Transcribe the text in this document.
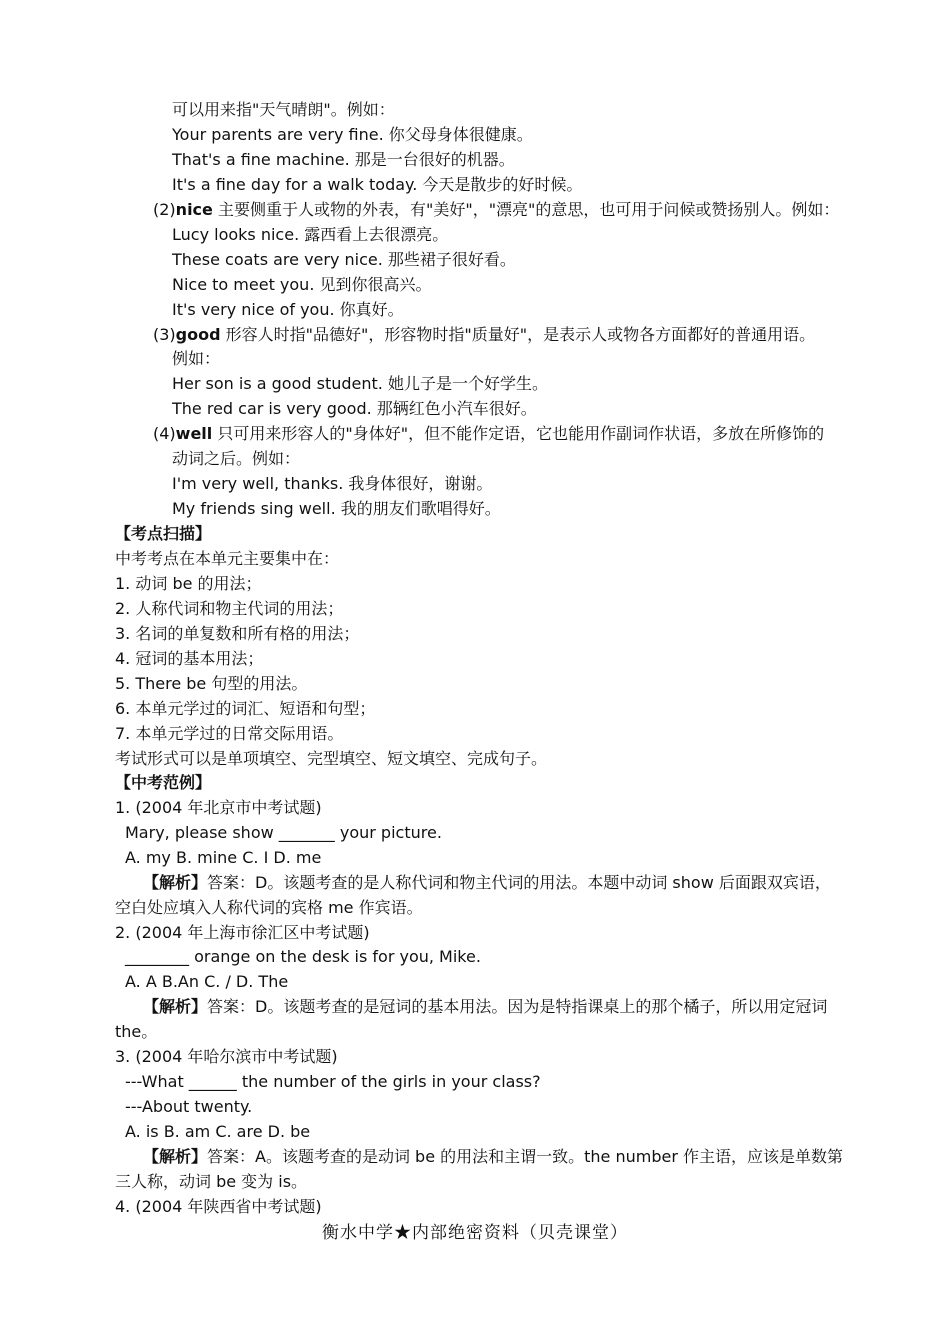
可以用来指"天气晴朗"。例如：
Your parents are very fine. 你父母身体很健康。
That's a fine machine. 那是一台很好的机器。
It's a fine day for a walk today. 今天是散步的好时候。
(2)nice 主要侧重于人或物的外表，有"美好"，"漂亮"的意思，也可用于问候或赞扬别人。例如：
Lucy looks nice. 露西看上去很漂亮。
These coats are very nice. 那些裙子很好看。
Nice to meet you. 见到你很高兴。
It's very nice of you. 你真好。
(3)good 形容人时指"品德好"，形容物时指"质量好"，是表示人或物各方面都好的普通用语。
例如：
Her son is a good student. 她儿子是一个好学生。
The red car is very good. 那辆红色小汽车很好。
(4)well 只可用来形容人的"身体好"，但不能作定语，它也能用作副词作状语，多放在所修饰的
动词之后。例如：
I'm very well, thanks. 我身体很好，谢谢。
My friends sing well. 我的朋友们歌唱得好。
【考点扫描】
中考考点在本单元主要集中在：
1. 动词 be 的用法；
2. 人称代词和物主代词的用法；
3. 名词的单复数和所有格的用法；
4. 冠词的基本用法；
5. There be 句型的用法。
6. 本单元学过的词汇、短语和句型；
7. 本单元学过的日常交际用语。
考试形式可以是单项填空、完型填空、短文填空、完成句子。
【中考范例】
1. (2004 年北京市中考试题)
Mary, please show _______ your picture.
A. my B. mine C. I D. me
【解析】答案：D。该题考查的是人称代词和物主代词的用法。本题中动词 show 后面跟双宾语，
空白处应填入人称代词的宾格 me 作宾语。
2. (2004 年上海市徐汇区中考试题)
________ orange on the desk is for you, Mike.
A. A B.An C. / D. The
【解析】答案：D。该题考查的是冠词的基本用法。因为是特指课桌上的那个橘子，所以用定冠词
the。
3. (2004 年哈尔滨市中考试题)
---What ______ the number of the girls in your class?
---About twenty.
A. is B. am C. are D. be
【解析】答案：A。该题考查的是动词 be 的用法和主谓一致。the number 作主语，应该是单数第
三人称，动词 be 变为 is。
4. (2004 年陕西省中考试题)
衡水中学★内部绝密资料（贝壳课堂）
